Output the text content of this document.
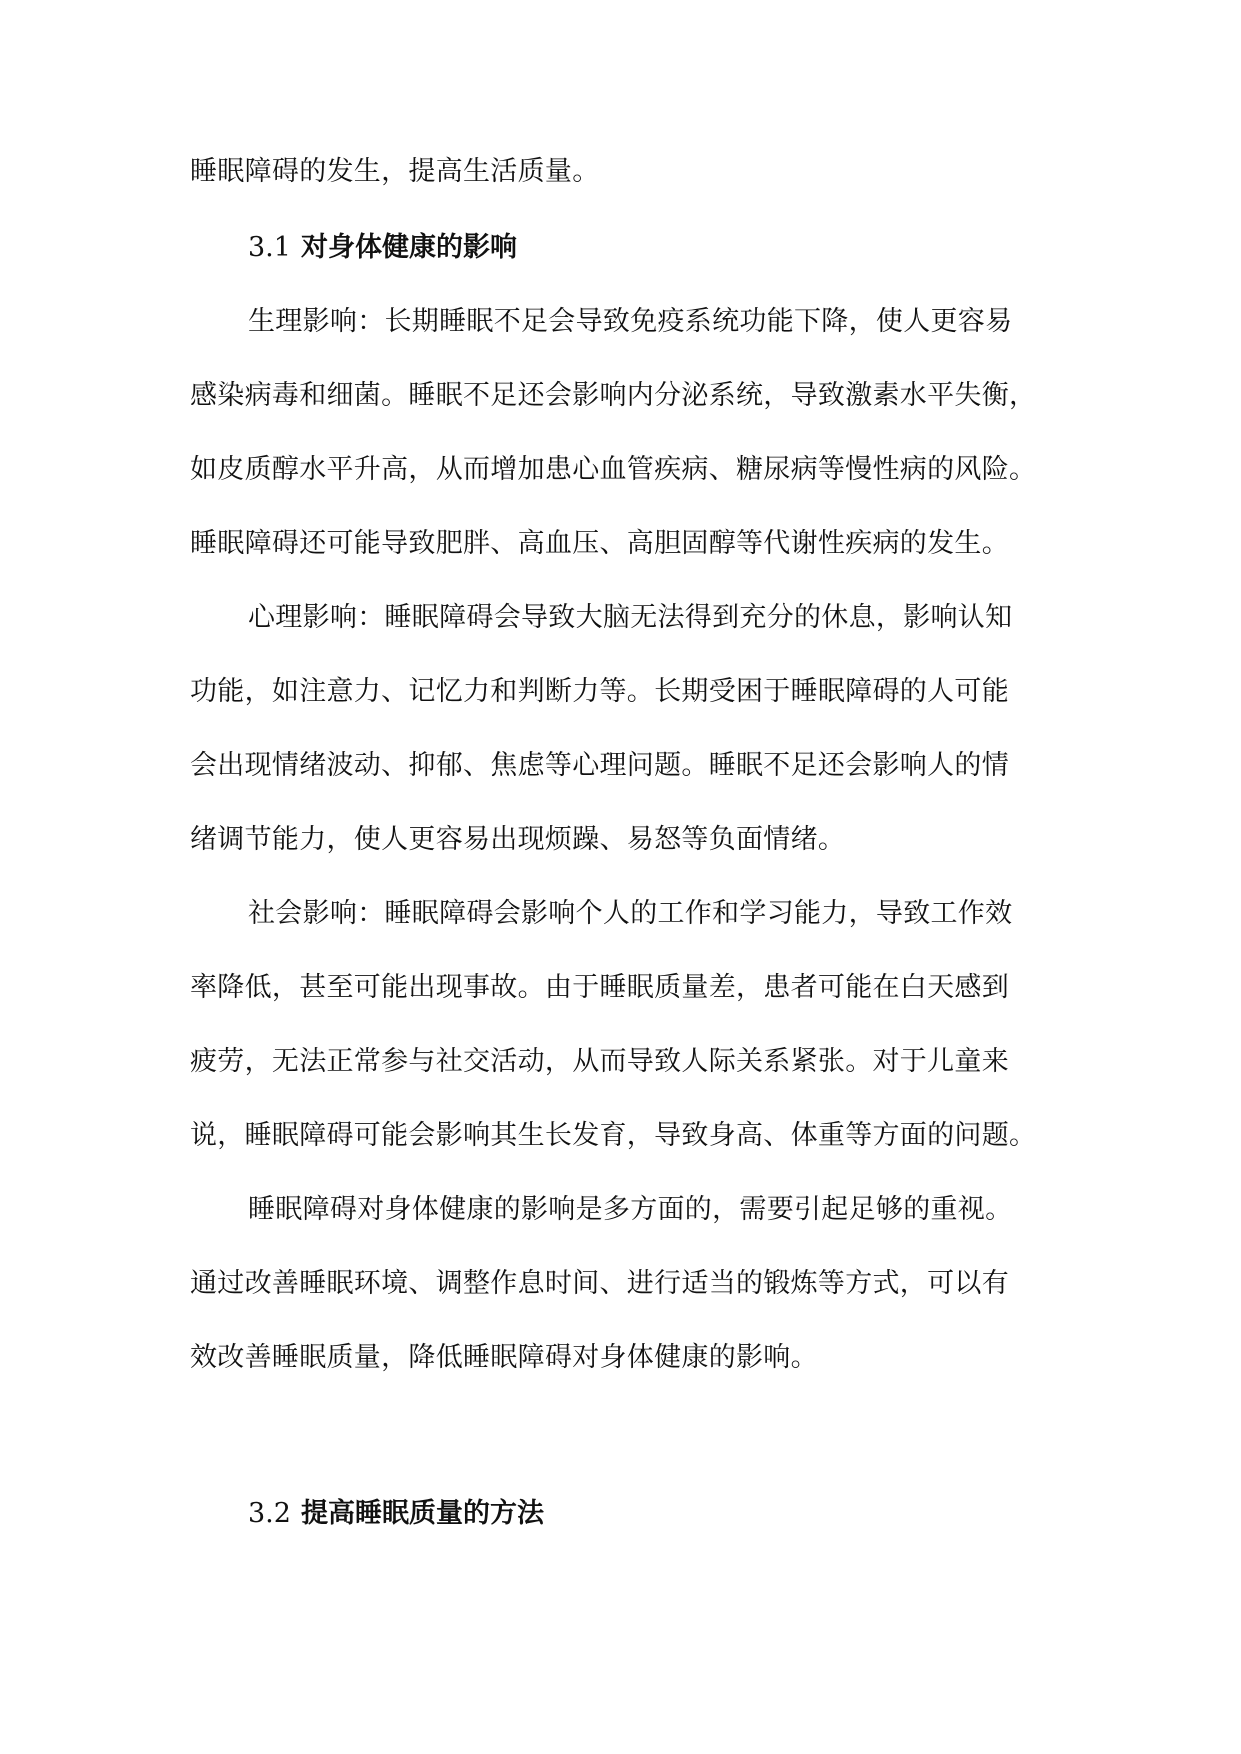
睡眠障碍的发生，提高生活质量。
3.1 对身体健康的影响
生理影响：长期睡眠不足会导致免疫系统功能下降，使人更容易
感染病毒和细菌。睡眠不足还会影响内分泌系统，导致激素水平失衡，
如皮质醇水平升高，从而增加患心血管疾病、糖尿病等慢性病的风险。
睡眠障碍还可能导致肥胖、高血压、高胆固醇等代谢性疾病的发生。
心理影响：睡眠障碍会导致大脑无法得到充分的休息，影响认知
功能，如注意力、记忆力和判断力等。长期受困于睡眠障碍的人可能
会出现情绪波动、抑郁、焦虑等心理问题。睡眠不足还会影响人的情
绪调节能力，使人更容易出现烦躁、易怒等负面情绪。
社会影响：睡眠障碍会影响个人的工作和学习能力，导致工作效
率降低，甚至可能出现事故。由于睡眠质量差，患者可能在白天感到
疲劳，无法正常参与社交活动，从而导致人际关系紧张。对于儿童来
说，睡眠障碍可能会影响其生长发育，导致身高、体重等方面的问题。
睡眠障碍对身体健康的影响是多方面的，需要引起足够的重视。
通过改善睡眠环境、调整作息时间、进行适当的锻炼等方式，可以有
效改善睡眠质量，降低睡眠障碍对身体健康的影响。
3.2 提高睡眠质量的方法
